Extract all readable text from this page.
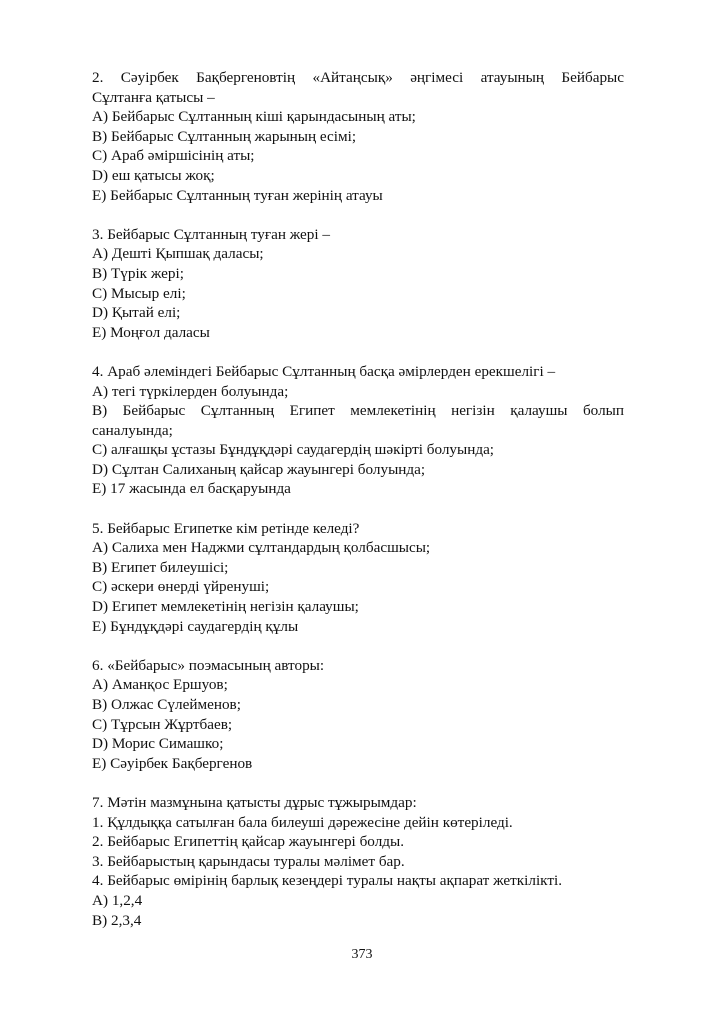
2. Сәуірбек Бақбергеновтің «Айтаңсық» әңгімесі атауының Бейбарыс

Сұлтанға қатысы –

A) Бейбарыс Сұлтанның кіші қарындасының аты;

B) Бейбарыс Сұлтанның жарының есімі;

C) Араб әміршісінің аты;

D) еш қатысы жоқ;

E) Бейбарыс Сұлтанның туған жерінің атауы

3. Бейбарыс Сұлтанның туған жері –

A) Дешті Қыпшақ даласы;

B) Түрік жері;

C) Мысыр елі;

D) Қытай елі;

E) Моңғол даласы

4. Араб әлеміндегі Бейбарыс Сұлтанның басқа әмірлерден ерекшелігі –

A) тегі түркілерден болуында;

B) Бейбарыс Сұлтанның Египет мемлекетінің негізін қалаушы болып

саналуында;

C) алғашқы ұстазы Бұндұқдәрі саудагердің шәкірті болуында;

D) Сұлтан Салиханың қайсар жауынгері болуында;

E) 17 жасында ел басқаруында

5. Бейбарыс Египетке кім ретінде келеді?

A) Салиха мен Наджми сұлтандардың қолбасшысы;

B) Египет билеушісі;

C) әскери өнерді үйренуші;

D) Египет мемлекетінің негізін қалаушы;

E) Бұндұқдәрі саудагердің құлы

6. «Бейбарыс» поэмасының авторы:

A) Аманқос Ершуов;

B) Олжас Сүлейменов;

C) Тұрсын Жұртбаев;

D) Морис Симашко;

E) Сәуірбек Бақбергенов

7. Мәтін мазмұнына қатысты дұрыс тұжырымдар:

1. Құлдыққа сатылған бала билеуші дәрежесіне дейін көтеріледі.

2. Бейбарыс Египеттің қайсар жауынгері болды.

3. Бейбарыстың қарындасы туралы мәлімет бар.

4. Бейбарыс өмірінің барлық кезеңдері туралы нақты ақпарат жеткілікті.

A) 1,2,4

B) 2,3,4

373
